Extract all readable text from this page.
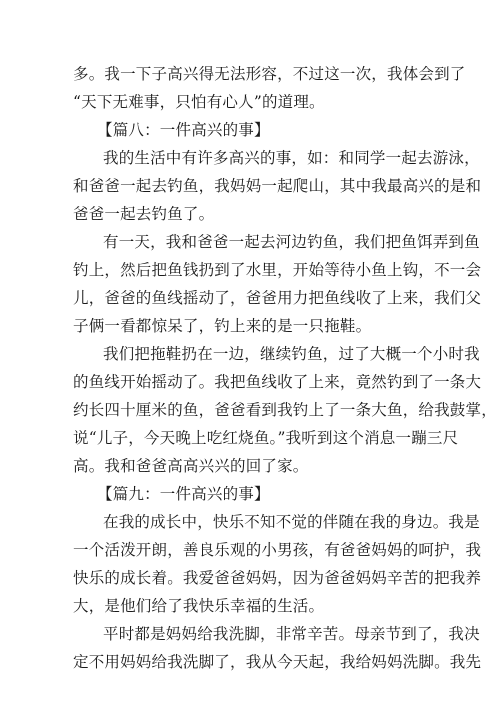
多。我一下子高兴得无法形容，不过这一次，我体会到了
“天下无难事，只怕有心人”的道理。
【篇八：一件高兴的事】
我的生活中有许多高兴的事，如：和同学一起去游泳，
和爸爸一起去钓鱼，我妈妈一起爬山，其中我最高兴的是和
爸爸一起去钓鱼了。
有一天，我和爸爸一起去河边钓鱼，我们把鱼饵弄到鱼
钓上，然后把鱼钱扔到了水里，开始等待小鱼上钩，不一会
儿，爸爸的鱼线摇动了，爸爸用力把鱼线收了上来，我们父
子俩一看都惊呆了，钓上来的是一只拖鞋。
我们把拖鞋扔在一边，继续钓鱼，过了大概一个小时我
的鱼线开始摇动了。我把鱼线收了上来，竟然钓到了一条大
约长四十厘米的鱼，爸爸看到我钓上了一条大鱼，给我鼓掌，
说“儿子，今天晚上吃红烧鱼。”我听到这个消息一蹦三尺
高。我和爸爸高高兴兴的回了家。
【篇九：一件高兴的事】
在我的成长中，快乐不知不觉的伴随在我的身边。我是
一个活泼开朗，善良乐观的小男孩，有爸爸妈妈的呵护，我
快乐的成长着。我爱爸爸妈妈，因为爸爸妈妈辛苦的把我养
大，是他们给了我快乐幸福的生活。
平时都是妈妈给我洗脚，非常辛苦。母亲节到了，我决
定不用妈妈给我洗脚了，我从今天起，我给妈妈洗脚。我先
